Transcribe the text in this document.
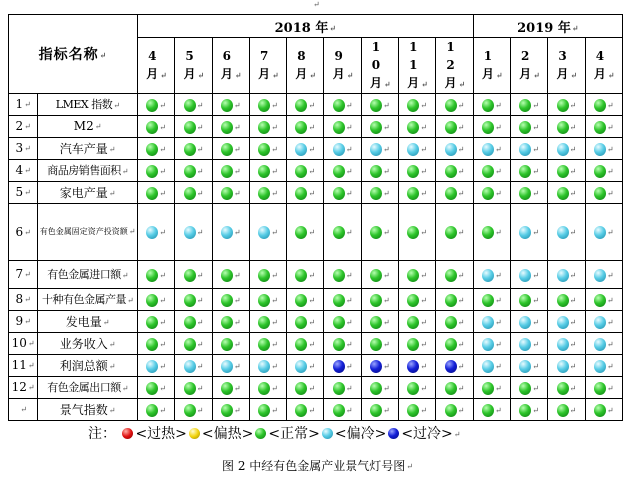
↵
指标名称↵		2018 年↵									2019 年↵			
		4月 ↵	5月 ↵	6月 ↵	7月 ↵	8月 ↵	9月 ↵	10月 ↵	11月 ↵	12月 ↵	1月 ↵	2月 ↵	3月 ↵	4月 ↵
1↵	LMEX 指数↵	↵	↵	↵	↵	↵	↵	↵	↵	↵	↵	↵	↵	↵
2↵	M2↵	↵	↵	↵	↵	↵	↵	↵	↵	↵	↵	↵	↵	↵
3↵	汽车产量↵	↵	↵	↵	↵	↵	↵	↵	↵	↵	↵	↵	↵	↵
4↵	商品房销售面积↵	↵	↵	↵	↵	↵	↵	↵	↵	↵	↵	↵	↵	↵
5↵	家电产量↵	↵	↵	↵	↵	↵	↵	↵	↵	↵	↵	↵	↵	↵
6↵	有色金属固定资产投资额↵	↵	↵	↵	↵	↵	↵	↵	↵	↵	↵	↵	↵	↵
7↵	有色金属进口额↵	↵	↵	↵	↵	↵	↵	↵	↵	↵	↵	↵	↵	↵
8↵	十种有色金属产量↵	↵	↵	↵	↵	↵	↵	↵	↵	↵	↵	↵	↵	↵
9↵	发电量↵	↵	↵	↵	↵	↵	↵	↵	↵	↵	↵	↵	↵	↵
10↵	业务收入↵	↵	↵	↵	↵	↵	↵	↵	↵	↵	↵	↵	↵	↵
11↵	利润总额↵	↵	↵	↵	↵	↵	↵	↵	↵	↵	↵	↵	↵	↵
12↵	有色金属出口额↵	↵	↵	↵	↵	↵	↵	↵	↵	↵	↵	↵	↵	↵
↵	景气指数↵	↵	↵	↵	↵	↵	↵	↵	↵	↵	↵	↵	↵	↵
注： <过热> <偏热> <正常> <偏冷> <过冷>↵
图 2 中经有色金属产业景气灯号图↵
